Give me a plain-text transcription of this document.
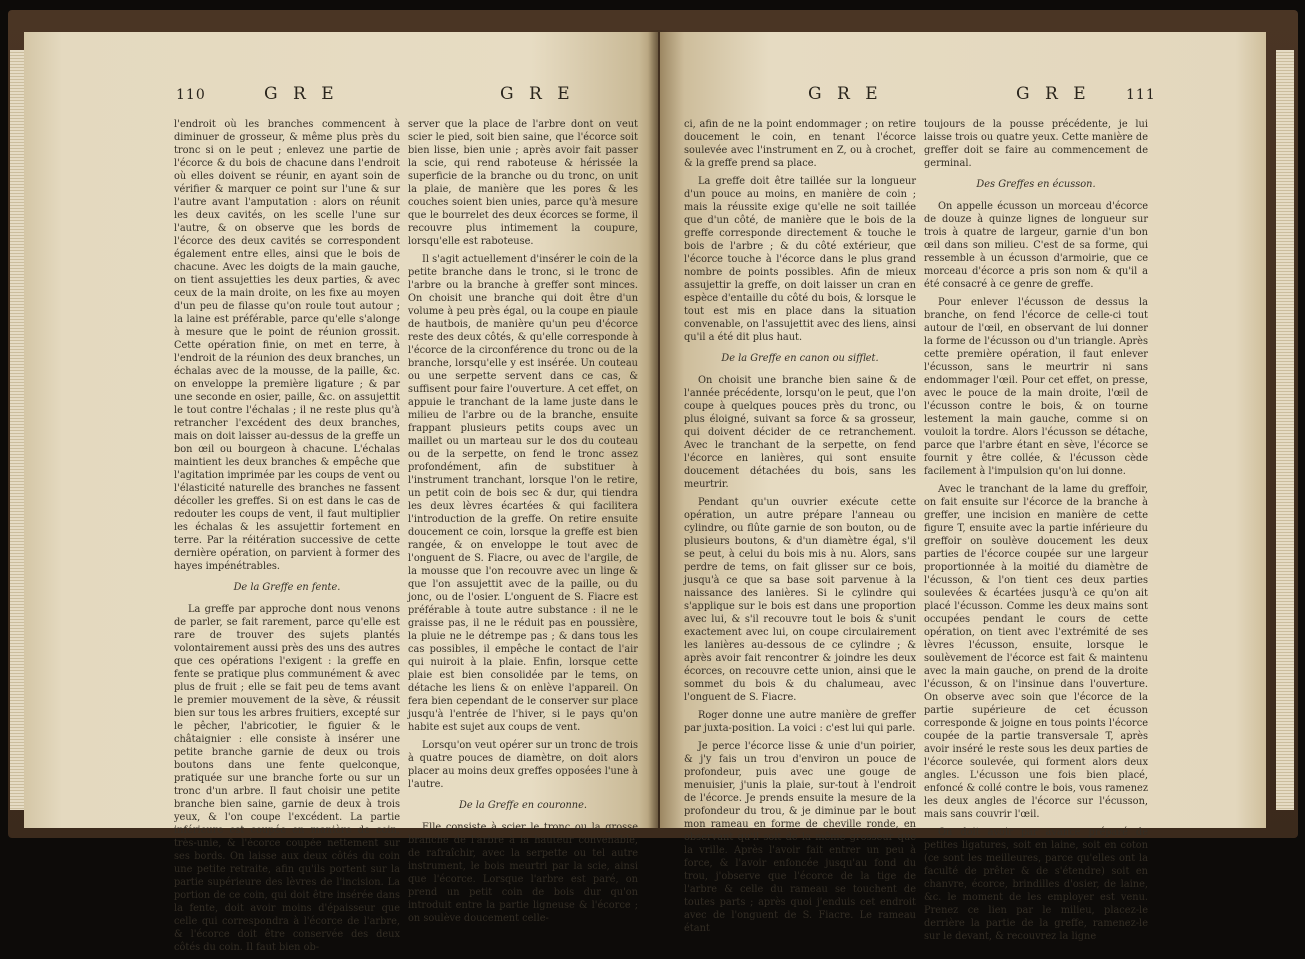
110	G R E	G R E

l'endroit où les branches commencent à diminuer de grosseur, & même plus près du tronc si on le peut ; enlevez une partie de l'écorce & du bois de chacune dans l'endroit où elles doivent se réunir, en ayant soin de vérifier & marquer ce point sur l'une & sur l'autre avant l'amputation : alors on réunit les deux cavités, on les scelle l'une sur l'autre, & on observe que les bords de l'écorce des deux cavités se correspondent également entre elles, ainsi que le bois de chacune. Avec les doigts de la main gauche, on tient assujetties les deux parties, & avec ceux de la main droite, on les fixe au moyen d'un peu de filasse qu'on roule tout autour ; la laine est préférable, parce qu'elle s'alonge à mesure que le point de réunion grossit. Cette opération finie, on met en terre, à l'endroit de la réunion des deux branches, un échalas avec de la mousse, de la paille, &c. on enveloppe la première ligature ; & par une seconde en osier, paille, &c. on assujettit le tout contre l'échalas ; il ne reste plus qu'à retrancher l'excédent des deux branches, mais on doit laisser au-dessus de la greffe un bon œil ou bourgeon à chacune. L'échalas maintient les deux branches & empêche que l'agitation imprimée par les coups de vent ou l'élasticité naturelle des branches ne fassent décoller les greffes. Si on est dans le cas de redouter les coups de vent, il faut multiplier les échalas & les assujettir fortement en terre. Par la réitération successive de cette dernière opération, on parvient à former des hayes impénétrables.

De la Greffe en fente.

La greffe par approche dont nous venons de parler, se fait rarement, parce qu'elle est rare de trouver des sujets plantés volontairement aussi près des uns des autres que ces opérations l'exigent : la greffe en fente se pratique plus communément & avec plus de fruit ; elle se fait peu de tems avant le premier mouvement de la sève, & réussit bien sur tous les arbres fruitiers, excepté sur le pêcher, l'abricotier, le figuier & le châtaignier : elle consiste à insérer une petite branche garnie de deux ou trois boutons dans une fente quelconque, pratiquée sur une branche forte ou sur un tronc d'un arbre. Il faut choisir une petite branche bien saine, garnie de deux à trois yeux, & l'on coupe l'excédent. La partie inférieure est coupée en manière de coin, très-unie, & l'écorce coupée nettement sur ses bords. On laisse aux deux côtés du coin une petite retraite, afin qu'ils portent sur la partie supérieure des lèvres de l'incision. La portion de ce coin, qui doit être insérée dans la fente, doit avoir moins d'épaisseur que celle qui correspondra à l'écorce de l'arbre, & l'écorce doit être conservée des deux côtés du coin. Il faut bien ob-

server que la place de l'arbre dont on veut scier le pied, soit bien saine, que l'écorce soit bien lisse, bien unie ; après avoir fait passer la scie, qui rend raboteuse & hérissée la superficie de la branche ou du tronc, on unit la plaie, de manière que les pores & les couches soient bien unies, parce qu'à mesure que le bourrelet des deux écorces se forme, il recouvre plus intimement la coupure, lorsqu'elle est raboteuse.

Il s'agit actuellement d'insérer le coin de la petite branche dans le tronc, si le tronc de l'arbre ou la branche à greffer sont minces. On choisit une branche qui doit être d'un volume à peu près égal, ou la coupe en piaule de hautbois, de manière qu'un peu d'écorce reste des deux côtés, & qu'elle corresponde à l'écorce de la circonférence du tronc ou de la branche, lorsqu'elle y est insérée. Un couteau ou une serpette servent dans ce cas, & suffisent pour faire l'ouverture. A cet effet, on appuie le tranchant de la lame juste dans le milieu de l'arbre ou de la branche, ensuite frappant plusieurs petits coups avec un maillet ou un marteau sur le dos du couteau ou de la serpette, on fend le tronc assez profondément, afin de substituer à l'instrument tranchant, lorsque l'on le retire, un petit coin de bois sec & dur, qui tiendra les deux lèvres écartées & qui facilitera l'introduction de la greffe. On retire ensuite doucement ce coin, lorsque la greffe est bien rangée, & on enveloppe le tout avec de l'onguent de S. Fiacre, ou avec de l'argile, de la mousse que l'on recouvre avec un linge & que l'on assujettit avec de la paille, ou du jonc, ou de l'osier. L'onguent de S. Fiacre est préférable à toute autre substance : il ne le graisse pas, il ne le réduit pas en poussière, la pluie ne le détrempe pas ; & dans tous les cas possibles, il empêche le contact de l'air qui nuiroit à la plaie. Enfin, lorsque cette plaie est bien consolidée par le tems, on détache les liens & on enlève l'appareil. On fera bien cependant de le conserver sur place jusqu'à l'entrée de l'hiver, si le pays qu'on habite est sujet aux coups de vent.

Lorsqu'on veut opérer sur un tronc de trois à quatre pouces de diamètre, on doit alors placer au moins deux greffes opposées l'une à l'autre.

De la Greffe en couronne.

Elle consiste à scier le tronc ou la grosse branche de l'arbre à la hauteur convenable, de rafraîchir, avec la serpette ou tel autre instrument, le bois meurtri par la scie, ainsi que l'écorce. Lorsque l'arbre est paré, on prend un petit coin de bois dur qu'on introduit entre la partie ligneuse & l'écorce ; on soulève doucement celle-

G R E	G R E	111

ci, afin de ne la point endommager ; on retire doucement le coin, en tenant l'écorce soulevée avec l'instrument en Z, ou à crochet, & la greffe prend sa place.

La greffe doit être taillée sur la longueur d'un pouce au moins, en manière de coin ; mais la réussite exige qu'elle ne soit taillée que d'un côté, de manière que le bois de la greffe corresponde directement & touche le bois de l'arbre ; & du côté extérieur, que l'écorce touche à l'écorce dans le plus grand nombre de points possibles. Afin de mieux assujettir la greffe, on doit laisser un cran en espèce d'entaille du côté du bois, & lorsque le tout est mis en place dans la situation convenable, on l'assujettit avec des liens, ainsi qu'il a été dit plus haut.

De la Greffe en canon ou sifflet.

On choisit une branche bien saine & de l'année précédente, lorsqu'on le peut, que l'on coupe à quelques pouces près du tronc, ou plus éloigné, suivant sa force & sa grosseur, qui doivent décider de ce retranchement. Avec le tranchant de la serpette, on fend l'écorce en lanières, qui sont ensuite doucement détachées du bois, sans les meurtrir.

Pendant qu'un ouvrier exécute cette opération, un autre prépare l'anneau ou cylindre, ou flûte garnie de son bouton, ou de plusieurs boutons, & d'un diamètre égal, s'il se peut, à celui du bois mis à nu. Alors, sans perdre de tems, on fait glisser sur ce bois, jusqu'à ce que sa base soit parvenue à la naissance des lanières. Si le cylindre qui s'applique sur le bois est dans une proportion avec lui, & s'il recouvre tout le bois & s'unit exactement avec lui, on coupe circulairement les lanières au-dessous de ce cylindre ; & après avoir fait rencontrer & joindre les deux écorces, on recouvre cette union, ainsi que le sommet du bois & du chalumeau, avec l'onguent de S. Fiacre.

Roger donne une autre manière de greffer par juxta-position. La voici : c'est lui qui parle.

Je perce l'écorce lisse & unie d'un poirier, & j'y fais un trou d'environ un pouce de profondeur, puis avec une gouge de menuisier, j'unis la plaie, sur-tout à l'endroit de l'écorce. Je prends ensuite la mesure de la profondeur du trou, & je diminue par le bout mon rameau en forme de cheville ronde, en observant qu'il soit de la même grosseur que la vrille. Après l'avoir fait entrer un peu à force, & l'avoir enfoncée jusqu'au fond du trou, j'observe que l'écorce de la tige de l'arbre & celle du rameau se touchent de toutes parts ; après quoi j'enduis cet endroit avec de l'onguent de S. Fiacre. Le rameau étant

toujours de la pousse précédente, je lui laisse trois ou quatre yeux. Cette manière de greffer doit se faire au commencement de germinal.

Des Greffes en écusson.

On appelle écusson un morceau d'écorce de douze à quinze lignes de longueur sur trois à quatre de largeur, garnie d'un bon œil dans son milieu. C'est de sa forme, qui ressemble à un écusson d'armoirie, que ce morceau d'écorce a pris son nom & qu'il a été consacré à ce genre de greffe.

Pour enlever l'écusson de dessus la branche, on fend l'écorce de celle-ci tout autour de l'œil, en observant de lui donner la forme de l'écusson ou d'un triangle. Après cette première opération, il faut enlever l'écusson, sans le meurtrir ni sans endommager l'œil. Pour cet effet, on presse, avec le pouce de la main droite, l'œil de l'écusson contre le bois, & on tourne lestement la main gauche, comme si on vouloit la tordre. Alors l'écusson se détache, parce que l'arbre étant en sève, l'écorce se fournit y être collée, & l'écusson cède facilement à l'impulsion qu'on lui donne.

Avec le tranchant de la lame du greffoir, on fait ensuite sur l'écorce de la branche à greffer, une incision en manière de cette figure T, ensuite avec la partie inférieure du greffoir on soulève doucement les deux parties de l'écorce coupée sur une largeur proportionnée à la moitié du diamètre de l'écusson, & l'on tient ces deux parties soulevées & écartées jusqu'à ce qu'on ait placé l'écusson. Comme les deux mains sont occupées pendant le cours de cette opération, on tient avec l'extrémité de ses lèvres l'écusson, ensuite, lorsque le soulèvement de l'écorce est fait & maintenu avec la main gauche, on prend de la droite l'écusson, & on l'insinue dans l'ouverture. On observe avec soin que l'écorce de la partie supérieure de cet écusson corresponde & joigne en tous points l'écorce coupée de la partie transversale T, après avoir inséré le reste sous les deux parties de l'écorce soulevée, qui forment alors deux angles. L'écusson une fois bien placé, enfoncé & collé contre le bois, vous ramenez les deux angles de l'écorce sur l'écusson, mais sans couvrir l'œil.

On doit avoir par avance préparé de petites ligatures, soit en laine, soit en coton (ce sont les meilleures, parce qu'elles ont la faculté de prêter & de s'étendre) soit en chanvre, écorce, brindilles d'osier, de laine, &c. le moment de les employer est venu. Prenez ce lien par le milieu, placez-le derrière la partie de la greffe, ramenez-le sur le devant, & recouvrez la ligne
